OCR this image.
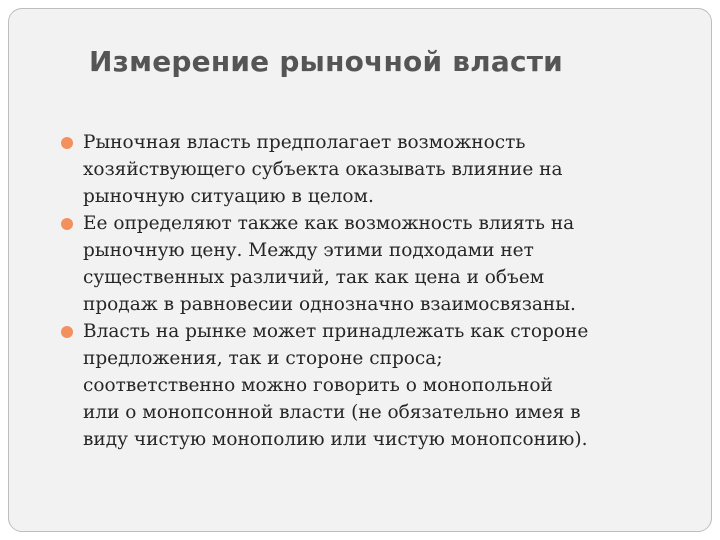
Измерение рыночной власти
Рыночная власть предполагает возможность
хозяйствующего субъекта оказывать влияние на
рыночную ситуацию в целом.
Ее определяют также как возможность влиять на
рыночную цену. Между этими подходами нет
существенных различий, так как цена и объем
продаж в равновесии однозначно взаимосвязаны.
Власть на рынке может принадлежать как стороне
предложения, так и стороне спроса;
соответственно можно говорить о монопольной
или о монопсонной власти (не обязательно имея в
виду чистую монополию или чистую монопсонию).
